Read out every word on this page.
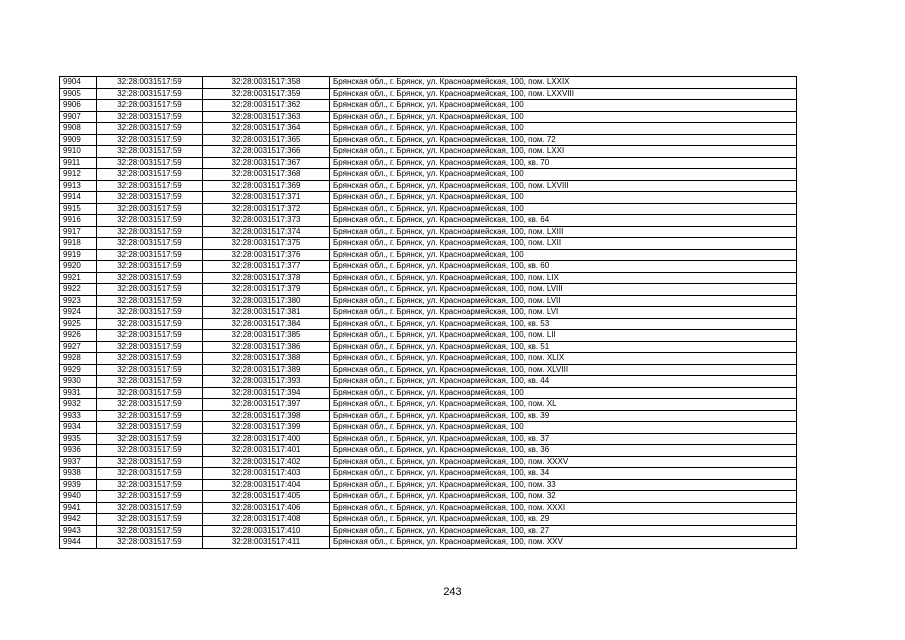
9904	32:28:0031517:59	32:28:0031517:358	Брянская обл., г. Брянск, ул. Красноармейская, 100, пом. LXXIX
9905	32:28:0031517:59	32:28:0031517:359	Брянская обл., г. Брянск, ул. Красноармейская, 100, пом. LXXVIII
9906	32:28:0031517:59	32:28:0031517:362	Брянская обл., г. Брянск, ул. Красноармейская, 100
9907	32:28:0031517:59	32:28:0031517:363	Брянская обл., г. Брянск, ул. Красноармейская, 100
9908	32:28:0031517:59	32:28:0031517:364	Брянская обл., г. Брянск, ул. Красноармейская, 100
9909	32:28:0031517:59	32:28:0031517:365	Брянская обл., г. Брянск, ул. Красноармейская, 100, пом. 72
9910	32:28:0031517:59	32:28:0031517:366	Брянская обл., г. Брянск, ул. Красноармейская, 100, пом. LXXI
9911	32:28:0031517:59	32:28:0031517:367	Брянская обл., г. Брянск, ул. Красноармейская, 100, кв. 70
9912	32:28:0031517:59	32:28:0031517:368	Брянская обл., г. Брянск, ул. Красноармейская, 100
9913	32:28:0031517:59	32:28:0031517:369	Брянская обл., г. Брянск, ул. Красноармейская, 100, пом. LXVIII
9914	32:28:0031517:59	32:28:0031517:371	Брянская обл., г. Брянск, ул. Красноармейская, 100
9915	32:28:0031517:59	32:28:0031517:372	Брянская обл., г. Брянск, ул. Красноармейская, 100
9916	32:28:0031517:59	32:28:0031517:373	Брянская обл., г. Брянск, ул. Красноармейская, 100, кв. 64
9917	32:28:0031517:59	32:28:0031517:374	Брянская обл., г. Брянск, ул. Красноармейская, 100, пом. LXIII
9918	32:28:0031517:59	32:28:0031517:375	Брянская обл., г. Брянск, ул. Красноармейская, 100, пом. LXII
9919	32:28:0031517:59	32:28:0031517:376	Брянская обл., г. Брянск, ул. Красноармейская, 100
9920	32:28:0031517:59	32:28:0031517:377	Брянская обл., г. Брянск, ул. Красноармейская, 100, кв. 60
9921	32:28:0031517:59	32:28:0031517:378	Брянская обл., г. Брянск, ул. Красноармейская, 100, пом. LIX
9922	32:28:0031517:59	32:28:0031517:379	Брянская обл., г. Брянск, ул. Красноармейская, 100, пом. LVIII
9923	32:28:0031517:59	32:28:0031517:380	Брянская обл., г. Брянск, ул. Красноармейская, 100, пом. LVII
9924	32:28:0031517:59	32:28:0031517:381	Брянская обл., г. Брянск, ул. Красноармейская, 100, пом. LVI
9925	32:28:0031517:59	32:28:0031517:384	Брянская обл., г. Брянск, ул. Красноармейская, 100, кв. 53
9926	32:28:0031517:59	32:28:0031517:385	Брянская обл., г. Брянск, ул. Красноармейская, 100, пом. LII
9927	32:28:0031517:59	32:28:0031517:386	Брянская обл., г. Брянск, ул. Красноармейская, 100, кв. 51
9928	32:28:0031517:59	32:28:0031517:388	Брянская обл., г. Брянск, ул. Красноармейская, 100, пом. XLIX
9929	32:28:0031517:59	32:28:0031517:389	Брянская обл., г. Брянск, ул. Красноармейская, 100, пом. XLVIII
9930	32:28:0031517:59	32:28:0031517:393	Брянская обл., г. Брянск, ул. Красноармейская, 100, кв. 44
9931	32:28:0031517:59	32:28:0031517:394	Брянская обл., г. Брянск, ул. Красноармейская, 100
9932	32:28:0031517:59	32:28:0031517:397	Брянская обл., г. Брянск, ул. Красноармейская, 100, пом. XL
9933	32:28:0031517:59	32:28:0031517:398	Брянская обл., г. Брянск, ул. Красноармейская, 100, кв. 39
9934	32:28:0031517:59	32:28:0031517:399	Брянская обл., г. Брянск, ул. Красноармейская, 100
9935	32:28:0031517:59	32:28:0031517:400	Брянская обл., г. Брянск, ул. Красноармейская, 100, кв. 37
9936	32:28:0031517:59	32:28:0031517:401	Брянская обл., г. Брянск, ул. Красноармейская, 100, кв. 36
9937	32:28:0031517:59	32:28:0031517:402	Брянская обл., г. Брянск, ул. Красноармейская, 100, пом. XXXV
9938	32:28:0031517:59	32:28:0031517:403	Брянская обл., г. Брянск, ул. Красноармейская, 100, кв. 34
9939	32:28:0031517:59	32:28:0031517:404	Брянская обл., г. Брянск, ул. Красноармейская, 100, пом. 33
9940	32:28:0031517:59	32:28:0031517:405	Брянская обл., г. Брянск, ул. Красноармейская, 100, пом. 32
9941	32:28:0031517:59	32:28:0031517:406	Брянская обл., г. Брянск, ул. Красноармейская, 100, пом. XXXI
9942	32:28:0031517:59	32:28:0031517:408	Брянская обл., г. Брянск, ул. Красноармейская, 100, кв. 29
9943	32:28:0031517:59	32:28:0031517:410	Брянская обл., г. Брянск, ул. Красноармейская, 100, кв. 27
9944	32:28:0031517:59	32:28:0031517:411	Брянская обл., г. Брянск, ул. Красноармейская, 100, пом. XXV
243
